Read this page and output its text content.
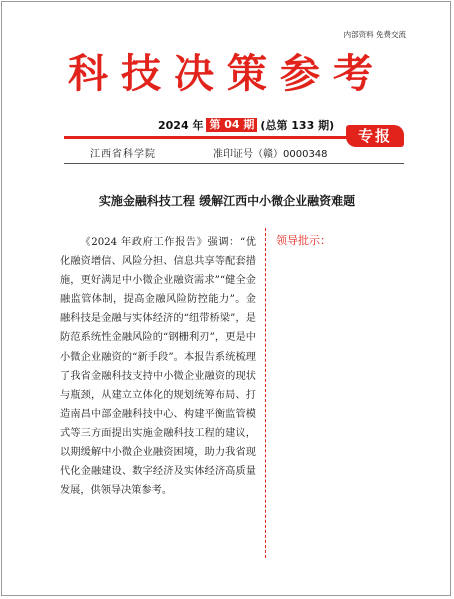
内部资料 免费交流
科技决策参考
2024 年 第 04 期 (总第 133 期)
专报
江西省科学院	准印证号（赣）0000348
实施金融科技工程 缓解江西中小微企业融资难题

《2024 年政府工作报告》强调：“优化融资增信、风险分担、信息共享等配套措施，更好满足中小微企业融资需求”“健全金融监管体制，提高金融风险防控能力”。金融科技是金融与实体经济的“纽带桥梁”，是防范系统性金融风险的“钢栅利刃”，更是中小微企业融资的“新手段”。本报告系统梳理了我省金融科技支持中小微企业融资的现状与瓶颈，从建立立体化的规划统筹布局、打造南昌中部金融科技中心、构建平衡监管模式等三方面提出实施金融科技工程的建议，以期缓解中小微企业融资困境，助力我省现代化金融建设、数字经济及实体经济高质量发展，供领导决策参考。

领导批示：
